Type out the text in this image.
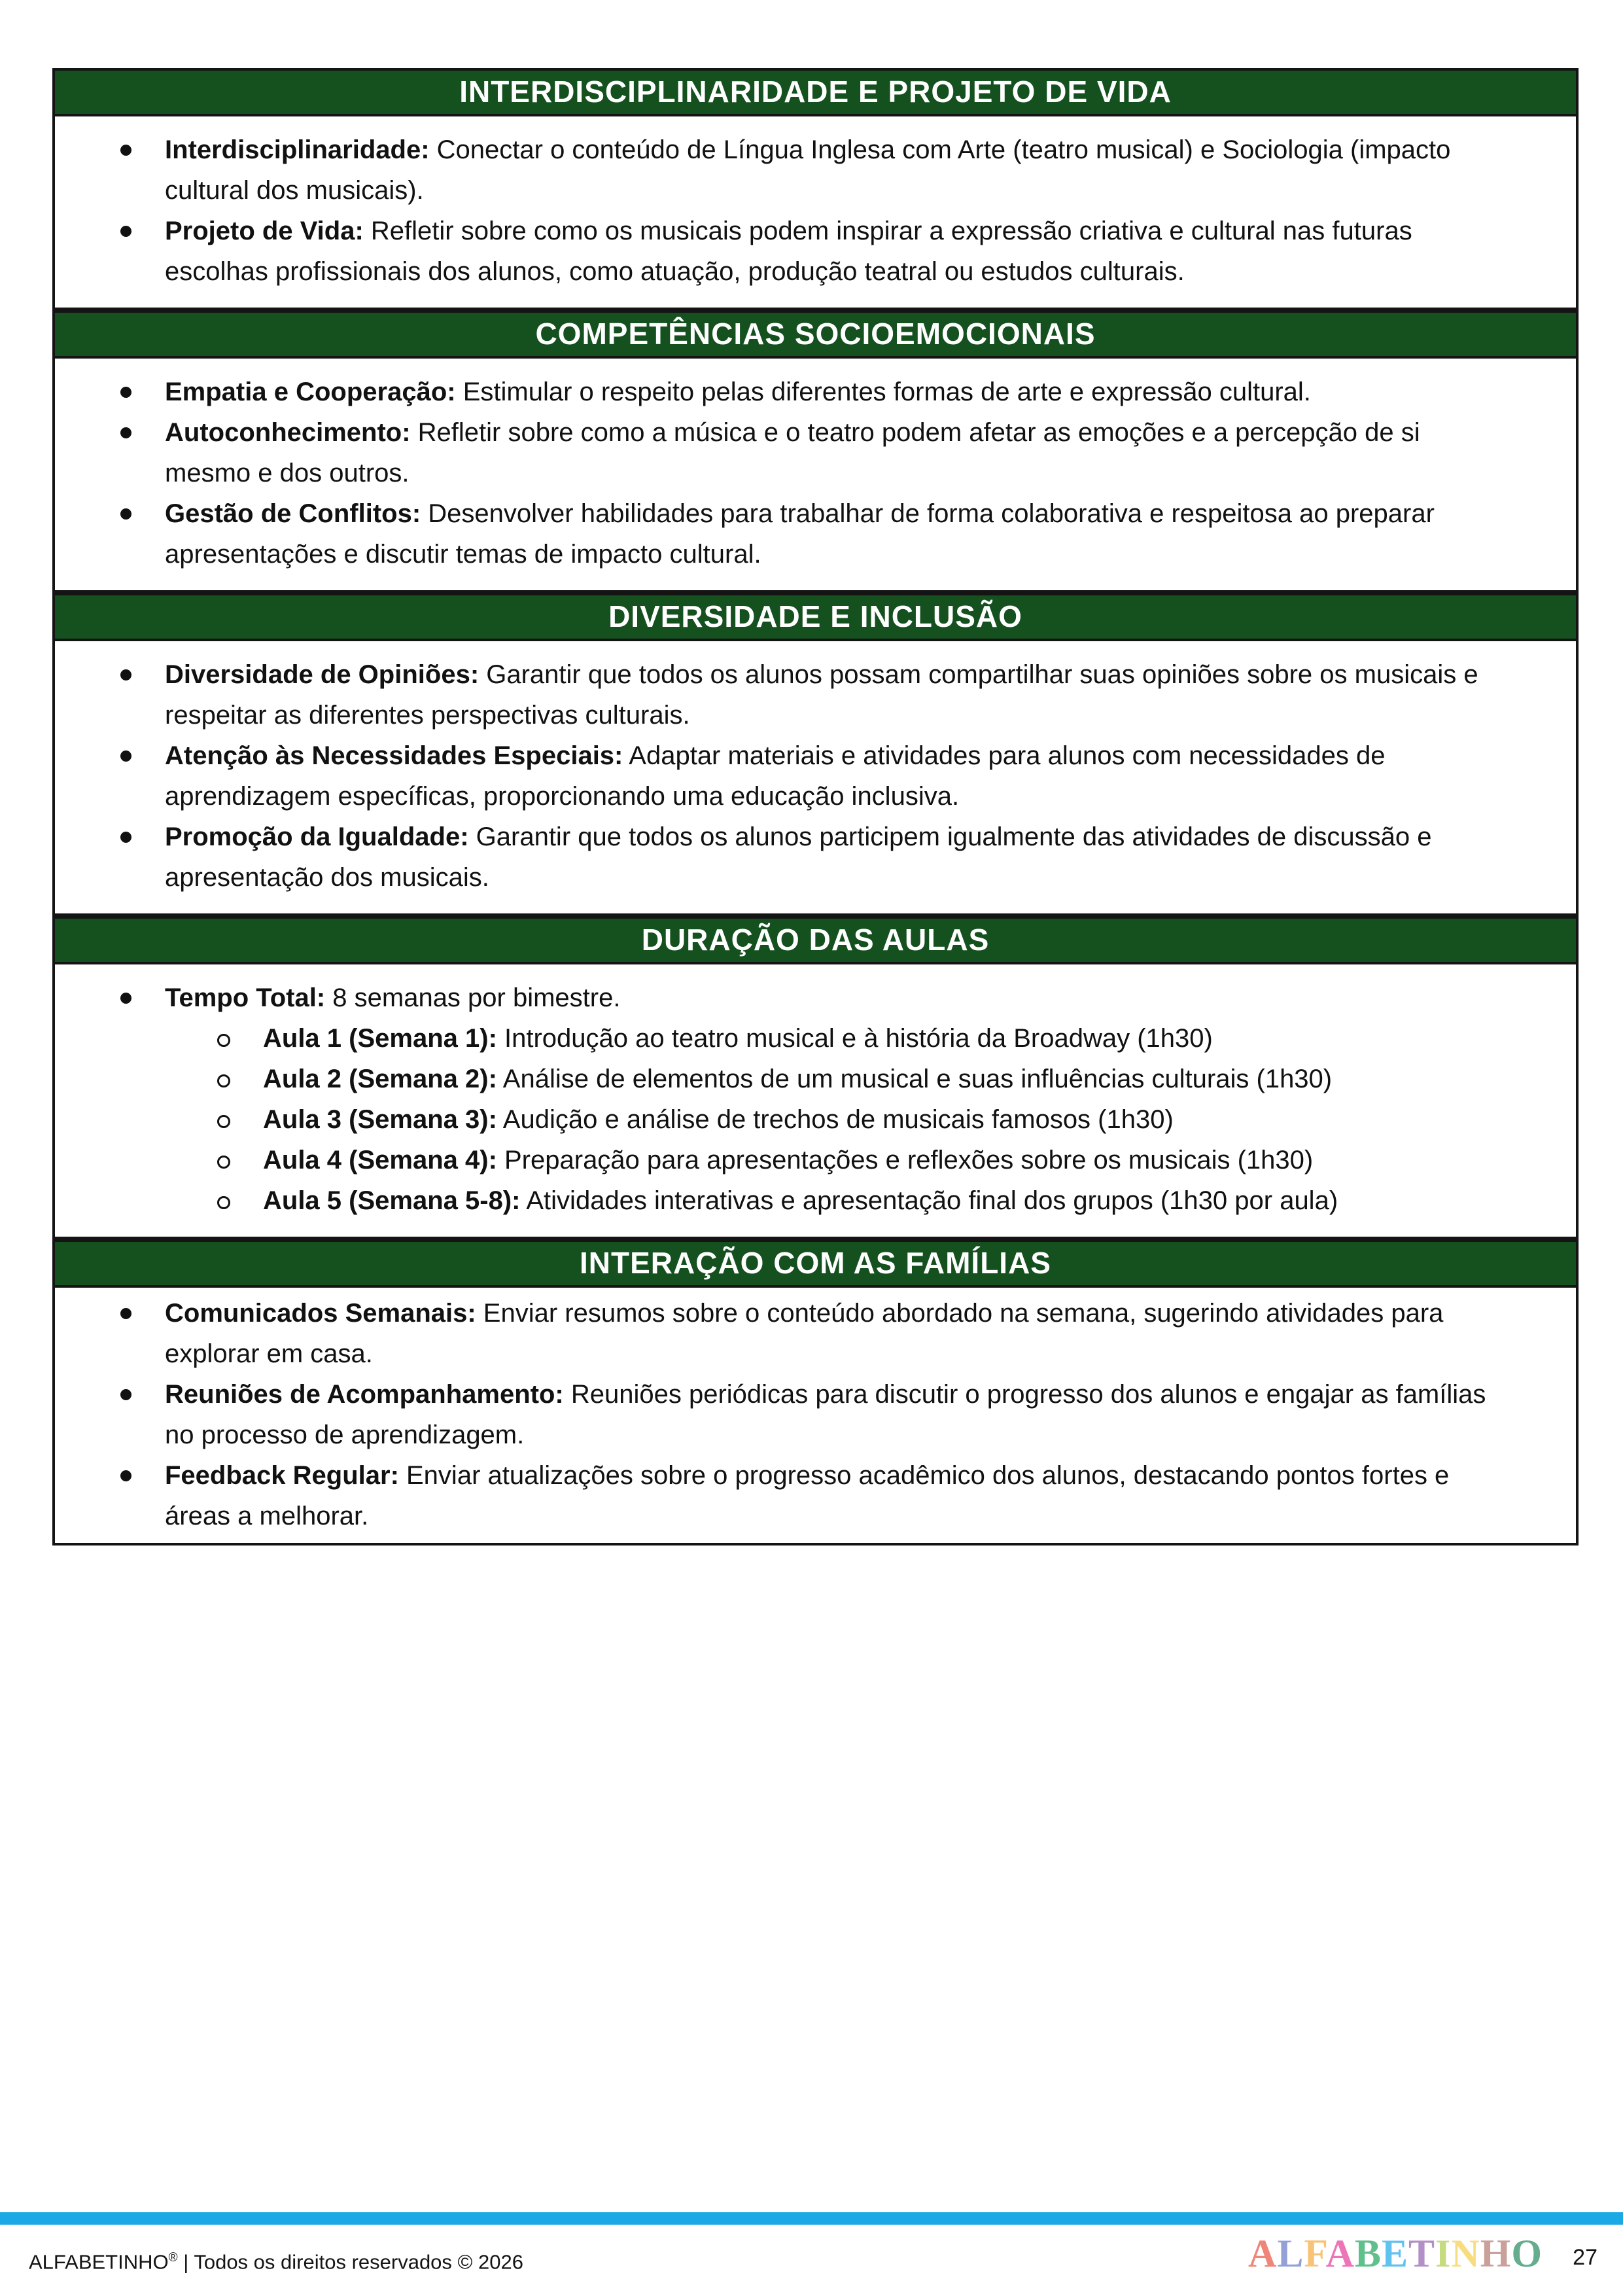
INTERDISCIPLINARIDADE E PROJETO DE VIDA
Interdisciplinaridade: Conectar o conteúdo de Língua Inglesa com Arte (teatro musical) e Sociologia (impacto cultural dos musicais).
Projeto de Vida: Refletir sobre como os musicais podem inspirar a expressão criativa e cultural nas futuras escolhas profissionais dos alunos, como atuação, produção teatral ou estudos culturais.
COMPETÊNCIAS SOCIOEMOCIONAIS
Empatia e Cooperação: Estimular o respeito pelas diferentes formas de arte e expressão cultural.
Autoconhecimento: Refletir sobre como a música e o teatro podem afetar as emoções e a percepção de si mesmo e dos outros.
Gestão de Conflitos: Desenvolver habilidades para trabalhar de forma colaborativa e respeitosa ao preparar apresentações e discutir temas de impacto cultural.
DIVERSIDADE E INCLUSÃO
Diversidade de Opiniões: Garantir que todos os alunos possam compartilhar suas opiniões sobre os musicais e respeitar as diferentes perspectivas culturais.
Atenção às Necessidades Especiais: Adaptar materiais e atividades para alunos com necessidades de aprendizagem específicas, proporcionando uma educação inclusiva.
Promoção da Igualdade: Garantir que todos os alunos participem igualmente das atividades de discussão e apresentação dos musicais.
DURAÇÃO DAS AULAS
Tempo Total: 8 semanas por bimestre.
Aula 1 (Semana 1): Introdução ao teatro musical e à história da Broadway (1h30)
Aula 2 (Semana 2): Análise de elementos de um musical e suas influências culturais (1h30)
Aula 3 (Semana 3): Audição e análise de trechos de musicais famosos (1h30)
Aula 4 (Semana 4): Preparação para apresentações e reflexões sobre os musicais (1h30)
Aula 5 (Semana 5-8): Atividades interativas e apresentação final dos grupos (1h30 por aula)
INTERAÇÃO COM AS FAMÍLIAS
Comunicados Semanais: Enviar resumos sobre o conteúdo abordado na semana, sugerindo atividades para explorar em casa.
Reuniões de Acompanhamento: Reuniões periódicas para discutir o progresso dos alunos e engajar as famílias no processo de aprendizagem.
Feedback Regular: Enviar atualizações sobre o progresso acadêmico dos alunos, destacando pontos fortes e áreas a melhorar.
ALFABETINHO® | Todos os direitos reservados © 2026	ALFABETINHO 27
